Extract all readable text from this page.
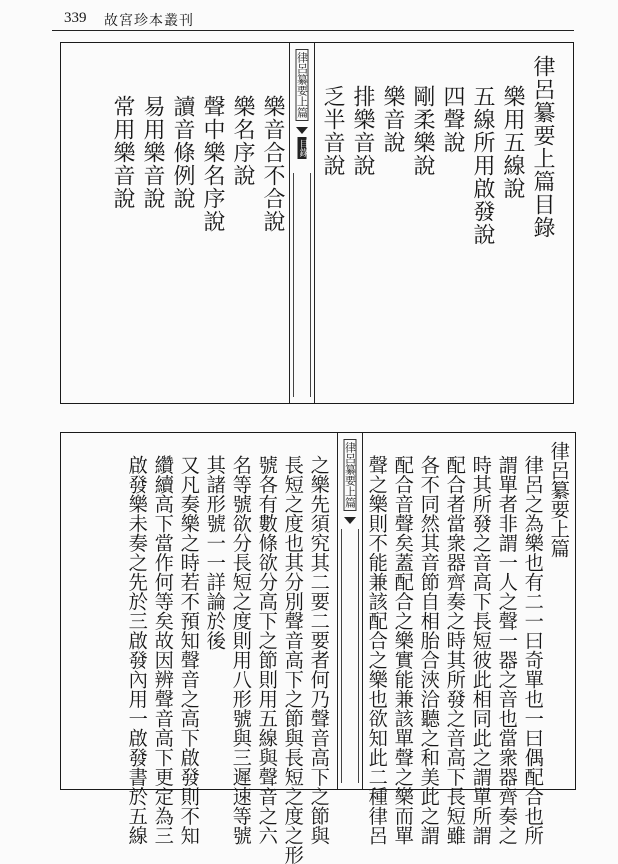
339 故宮珍本叢刊
律呂纂要上篇目錄
樂用五線說
五線所用啟發說
四聲說
剛柔樂說
樂音說
排樂音說
乏半音說
律呂纂要上篇
目錄
樂音合不合說
樂名序說
聲中樂名序說
讀音條例說
易用樂音說
常用樂音說
律呂纂要上篇
律呂之為樂也有二一曰奇單也一曰偶配合也所
謂單者非謂一人之聲一器之音也當衆器齊奏之
時其所發之音高下長短彼此相同此之謂單所謂
配合者當衆器齊奏之時其所發之音高下長短雖
各不同然其音節自相胎合浹洽聽之和美此之謂
配合音聲矣蓋配合之樂實能兼該單聲之樂而單
聲之樂則不能兼該配合之樂也欲知此二種律呂
律呂纂要上篇
之樂先須究其二要二要者何乃聲音高下之節與
長短之度也其分別聲音高下之節與長短之度之形
號各有數條欲分高下之節則用五線與聲音之六
名等號欲分長短之度則用八形號與三遲速等號
其諸形號一一詳論於後
又凡奏樂之時若不預知聲音之高下啟發則不知
纘續高下當作何等矣故因辨聲音高下更定為三
啟發樂未奏之先於三啟發內用一啟發書於五線
